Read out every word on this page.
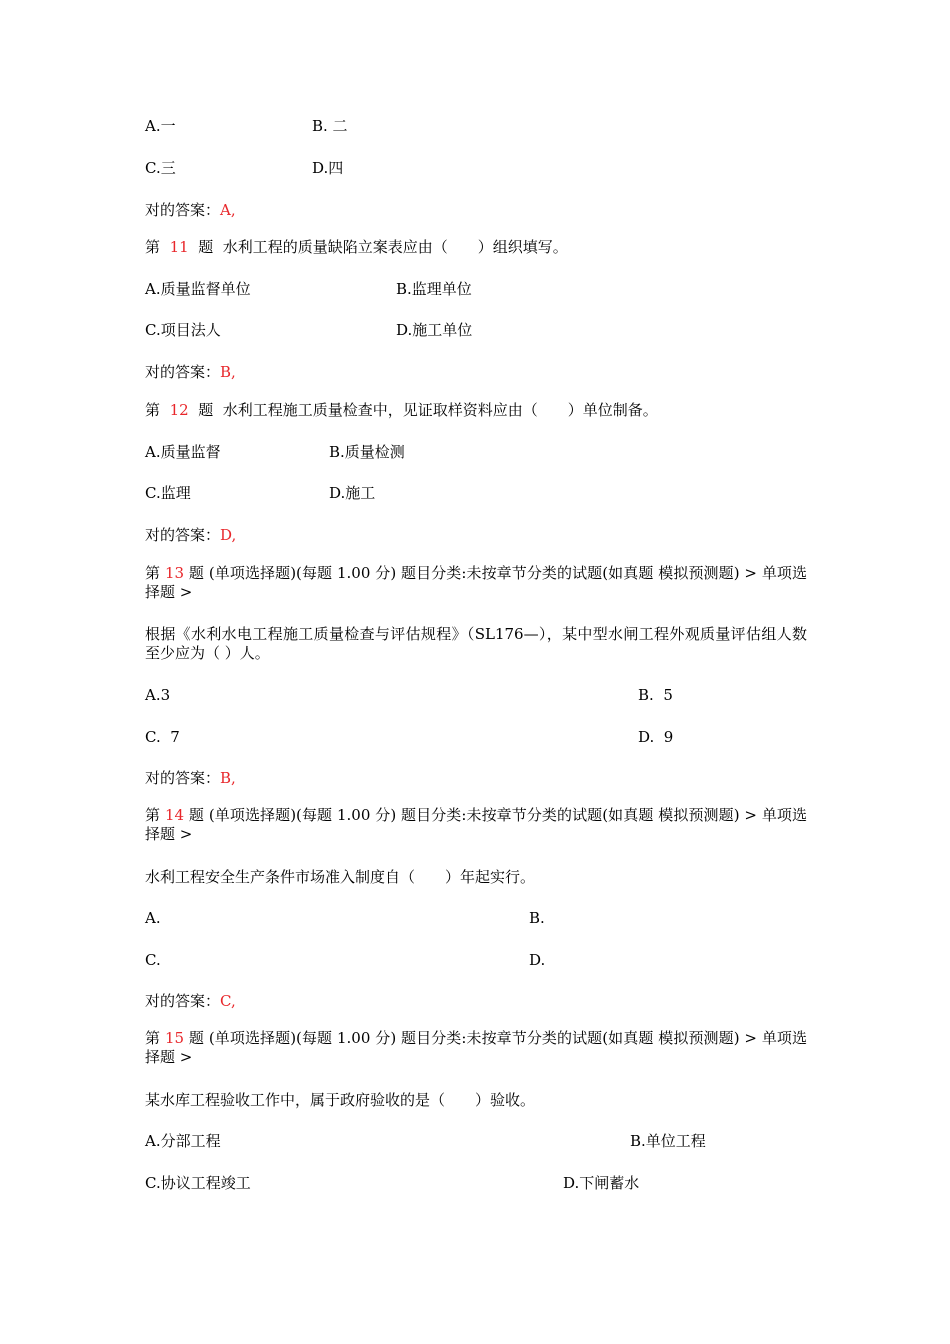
A.一	B. 二
C.三	D.四
对的答案：A,
第 11 题 水利工程的质量缺陷立案表应由（　　）组织填写。
A.质量监督单位	B.监理单位
C.项目法人	D.施工单位
对的答案：B,
第 12 题 水利工程施工质量检查中，见证取样资料应由（　　）单位制备。
A.质量监督	B.质量检测
C.监理	D.施工
对的答案：D,
第 13 题 (单项选择题)(每题 1.00 分) 题目分类:未按章节分类的试题(如真题 模拟预测题) > 单项选择题 >
根据《水利水电工程施工质量检查与评估规程》（SL176—），某中型水闸工程外观质量评估组人数至少应为（ ）人。
A.3	B.  5
C.  7	D.  9
对的答案：B,
第 14 题 (单项选择题)(每题 1.00 分) 题目分类:未按章节分类的试题(如真题 模拟预测题) > 单项选择题 >
水利工程安全生产条件市场准入制度自（　　）年起实行。
A.	B.
C.	D.
对的答案：C,
第 15 题 (单项选择题)(每题 1.00 分) 题目分类:未按章节分类的试题(如真题 模拟预测题) > 单项选择题 >
某水库工程验收工作中，属于政府验收的是（　　）验收。
A.分部工程	B.单位工程
C.协议工程竣工	D.下闸蓄水
